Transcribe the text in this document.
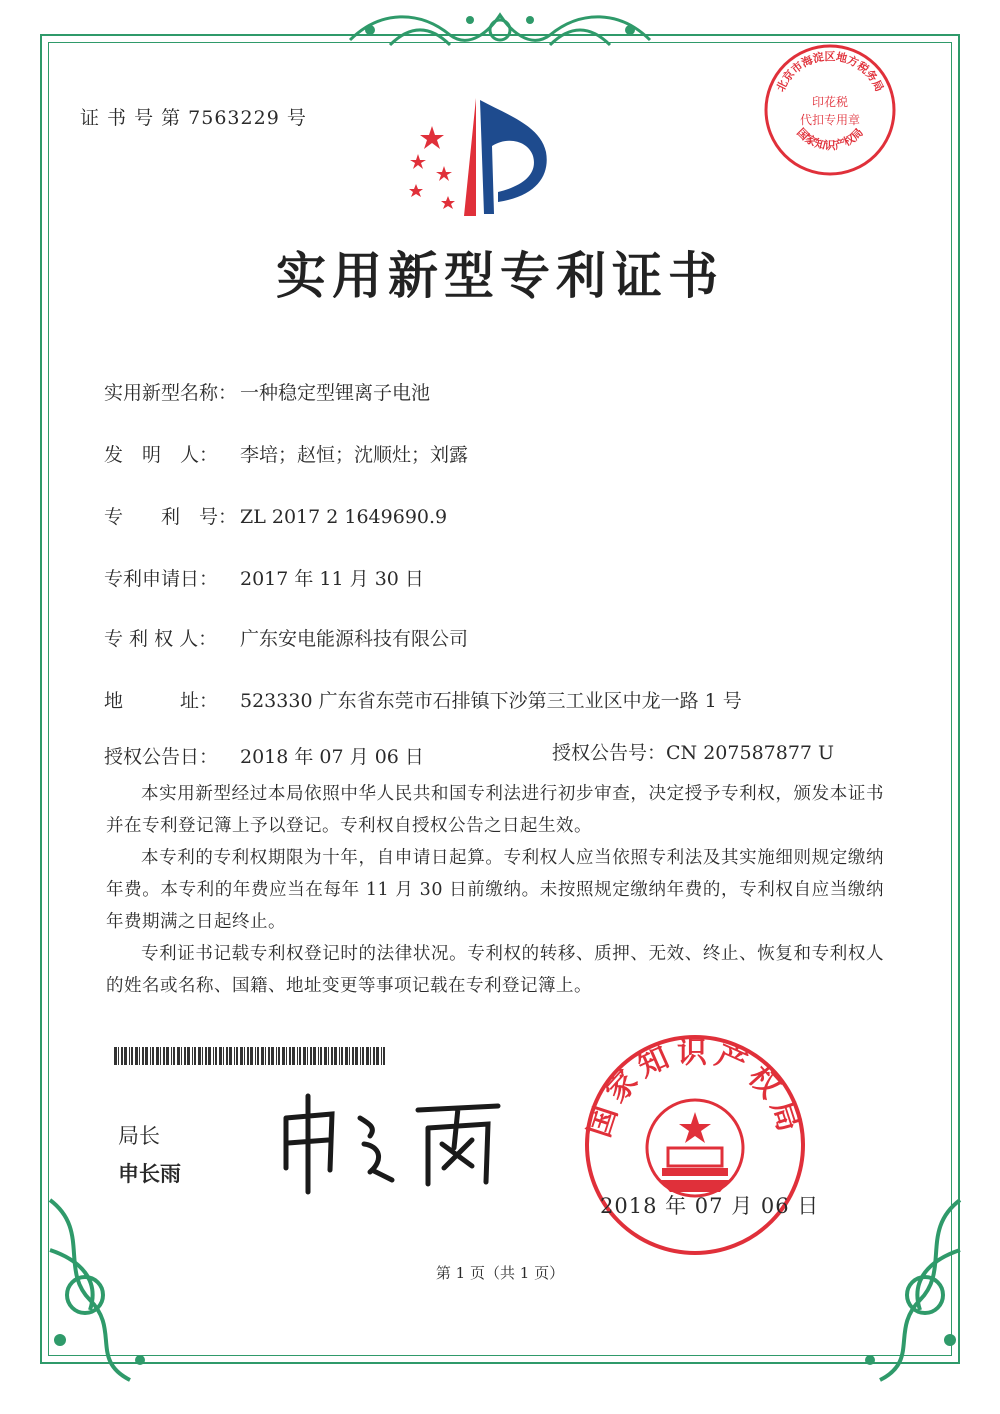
证 书 号 第 7563229 号
北京市海淀区地方税务局
印花税
代扣专用章
国家知识产权局
实用新型专利证书
实用新型名称： 一种稳定型锂离子电池
发　明　人： 李培；赵恒；沈顺灶；刘露
专　　利　号： ZL 2017 2 1649690.9
专利申请日： 2017 年 11 月 30 日
专 利 权 人： 广东安电能源科技有限公司
地　　　址： 523330 广东省东莞市石排镇下沙第三工业区中龙一路 1 号
授权公告日： 2018 年 07 月 06 日	授权公告号：CN 207587877 U

本实用新型经过本局依照中华人民共和国专利法进行初步审查，决定授予专利权，颁发本证书并在专利登记簿上予以登记。专利权自授权公告之日起生效。

本专利的专利权期限为十年，自申请日起算。专利权人应当依照专利法及其实施细则规定缴纳年费。本专利的年费应当在每年 11 月 30 日前缴纳。未按照规定缴纳年费的，专利权自应当缴纳年费期满之日起终止。

专利证书记载专利权登记时的法律状况。专利权的转移、质押、无效、终止、恢复和专利权人的姓名或名称、国籍、地址变更等事项记载在专利登记簿上。

局长
申长雨
国家知识产权局
2018 年 07 月 06 日
第 1 页（共 1 页）
